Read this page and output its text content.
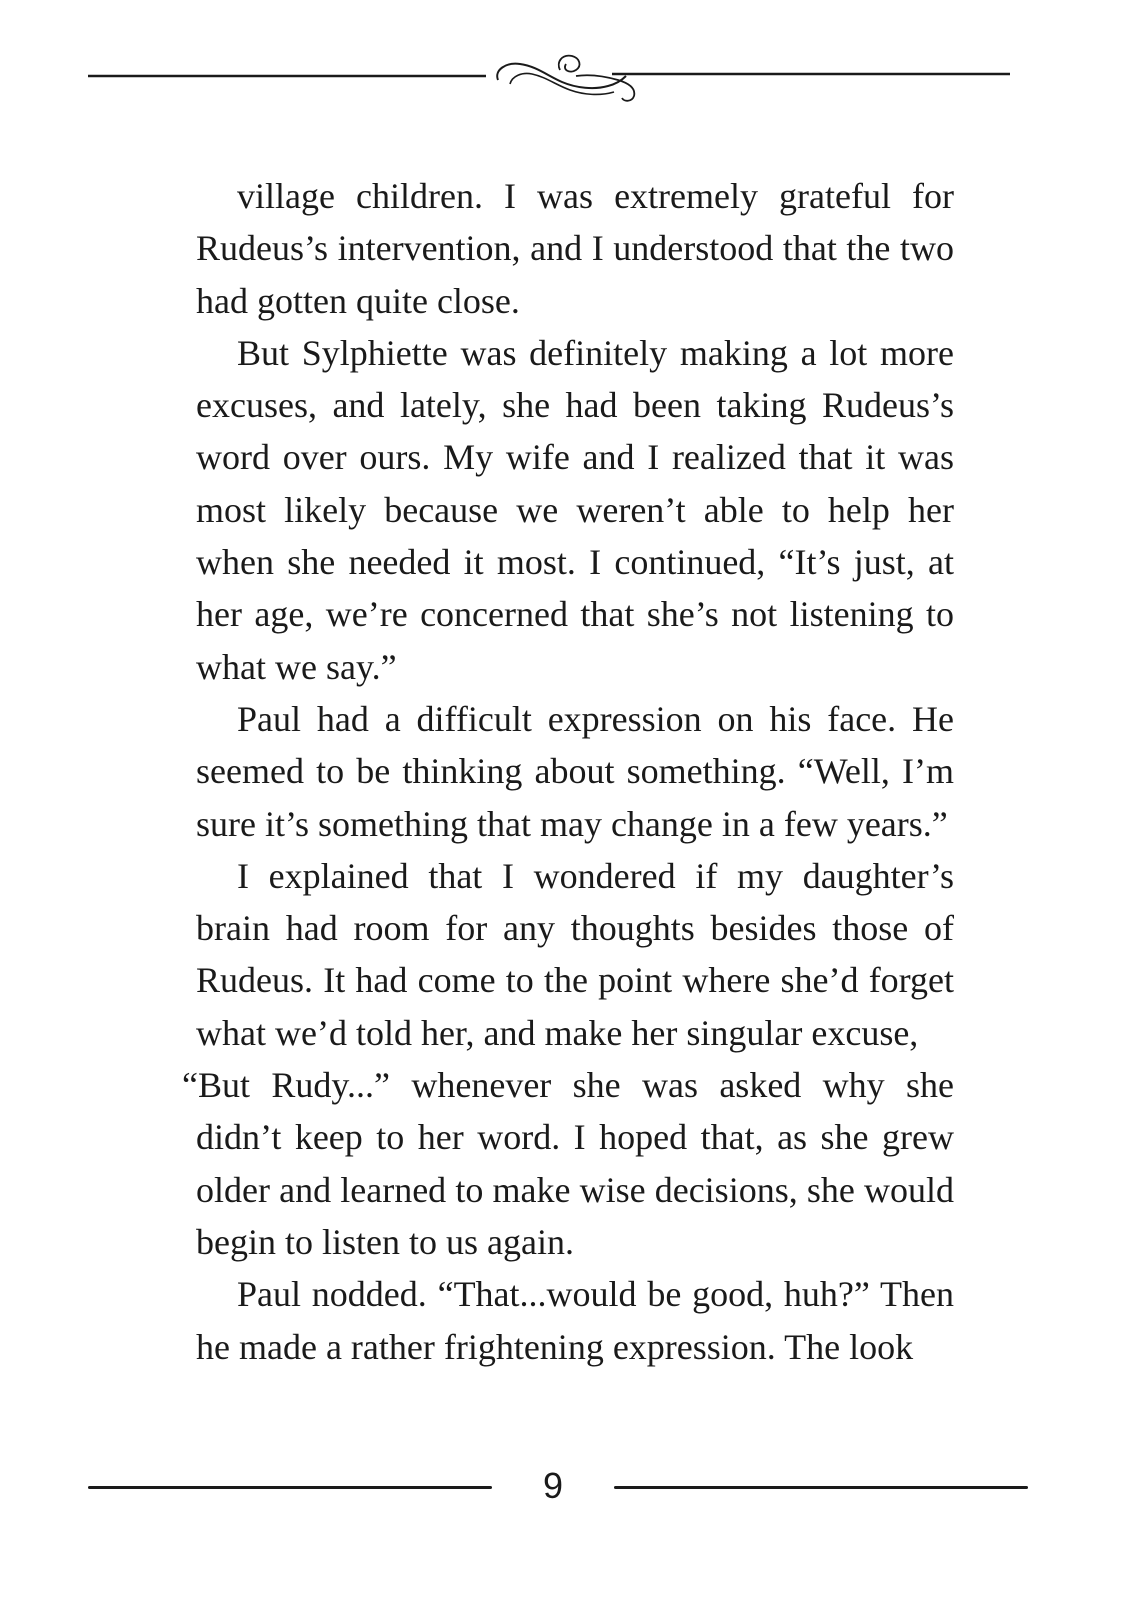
village children. I was extremely grateful for Rudeus’s intervention, and I understood that the two had gotten quite close.

But Sylphiette was definitely making a lot more excuses, and lately, she had been taking Rudeus’s word over ours. My wife and I realized that it was most likely because we weren’t able to help her when she needed it most. I continued, “It’s just, at her age, we’re concerned that she’s not listening to what we say.”

Paul had a difficult expression on his face. He seemed to be thinking about something. “Well, I’m sure it’s something that may change in a few years.”

I explained that I wondered if my daughter’s brain had room for any thoughts besides those of Rudeus. It had come to the point where she’d forget what we’d told her, and make her singular excuse,

“But Rudy...” whenever she was asked why she didn’t keep to her word. I hoped that, as she grew older and learned to make wise decisions, she would begin to listen to us again.

Paul nodded. “That...would be good, huh?” Then he made a rather frightening expression. The look

9
